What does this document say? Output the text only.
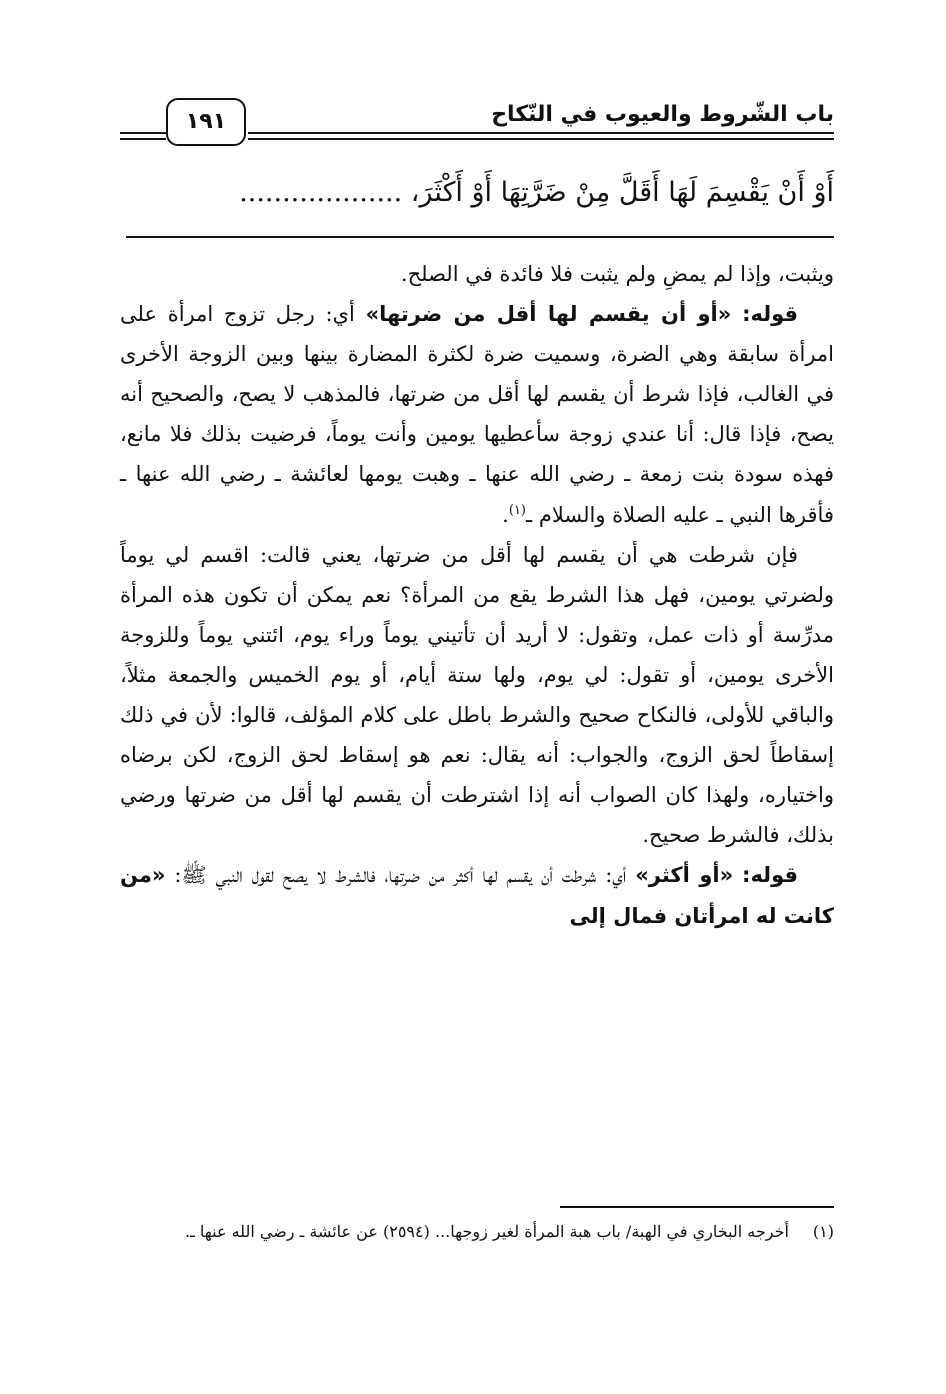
باب الشّروط والعيوب في النّكاح
١٩١
أَوْ أَنْ يَقْسِمَ لَهَا أَقَلَّ مِنْ ضَرَّتِهَا أَوْ أَكْثَرَ، ...................

ويثبت، وإذا لم يمضِ ولم يثبت فلا فائدة في الصلح.

قوله: «أو أن يقسم لها أقل من ضرتها» أي: رجل تزوج امرأة على امرأة سابقة وهي الضرة، وسميت ضرة لكثرة المضارة بينها وبين الزوجة الأخرى في الغالب، فإذا شرط أن يقسم لها أقل من ضرتها، فالمذهب لا يصح، والصحيح أنه يصح، فإذا قال: أنا عندي زوجة سأعطيها يومين وأنت يوماً، فرضيت بذلك فلا مانع، فهذه سودة بنت زمعة ـ رضي الله عنها ـ وهبت يومها لعائشة ـ رضي الله عنها ـ فأقرها النبي ـ عليه الصلاة والسلام ـ$^{(١)}$.

فإن شرطت هي أن يقسم لها أقل من ضرتها، يعني قالت: اقسم لي يوماً ولضرتي يومين، فهل هذا الشرط يقع من المرأة؟ نعم يمكن أن تكون هذه المرأة مدرِّسة أو ذات عمل، وتقول: لا أريد أن تأتيني يوماً وراء يوم، ائتني يوماً وللزوجة الأخرى يومين، أو تقول: لي يوم، ولها ستة أيام، أو يوم الخميس والجمعة مثلاً، والباقي للأولى، فالنكاح صحيح والشرط باطل على كلام المؤلف، قالوا: لأن في ذلك إسقاطاً لحق الزوج، والجواب: أنه يقال: نعم هو إسقاط لحق الزوج، لكن برضاه واختياره، ولهذا كان الصواب أنه إذا اشترطت أن يقسم لها أقل من ضرتها ورضي بذلك، فالشرط صحيح.

قوله: «أو أكثر» أي: شرطت أن يقسم لها أكثر من ضرتها، فالشرط لا يصح لقول النبي ﷺ: «من كانت له امرأتان فمال إلى

(١)أخرجه البخاري في الهبة/ باب هبة المرأة لغير زوجها... (٢٥٩٤) عن عائشة ـ رضي الله عنها ـ.
